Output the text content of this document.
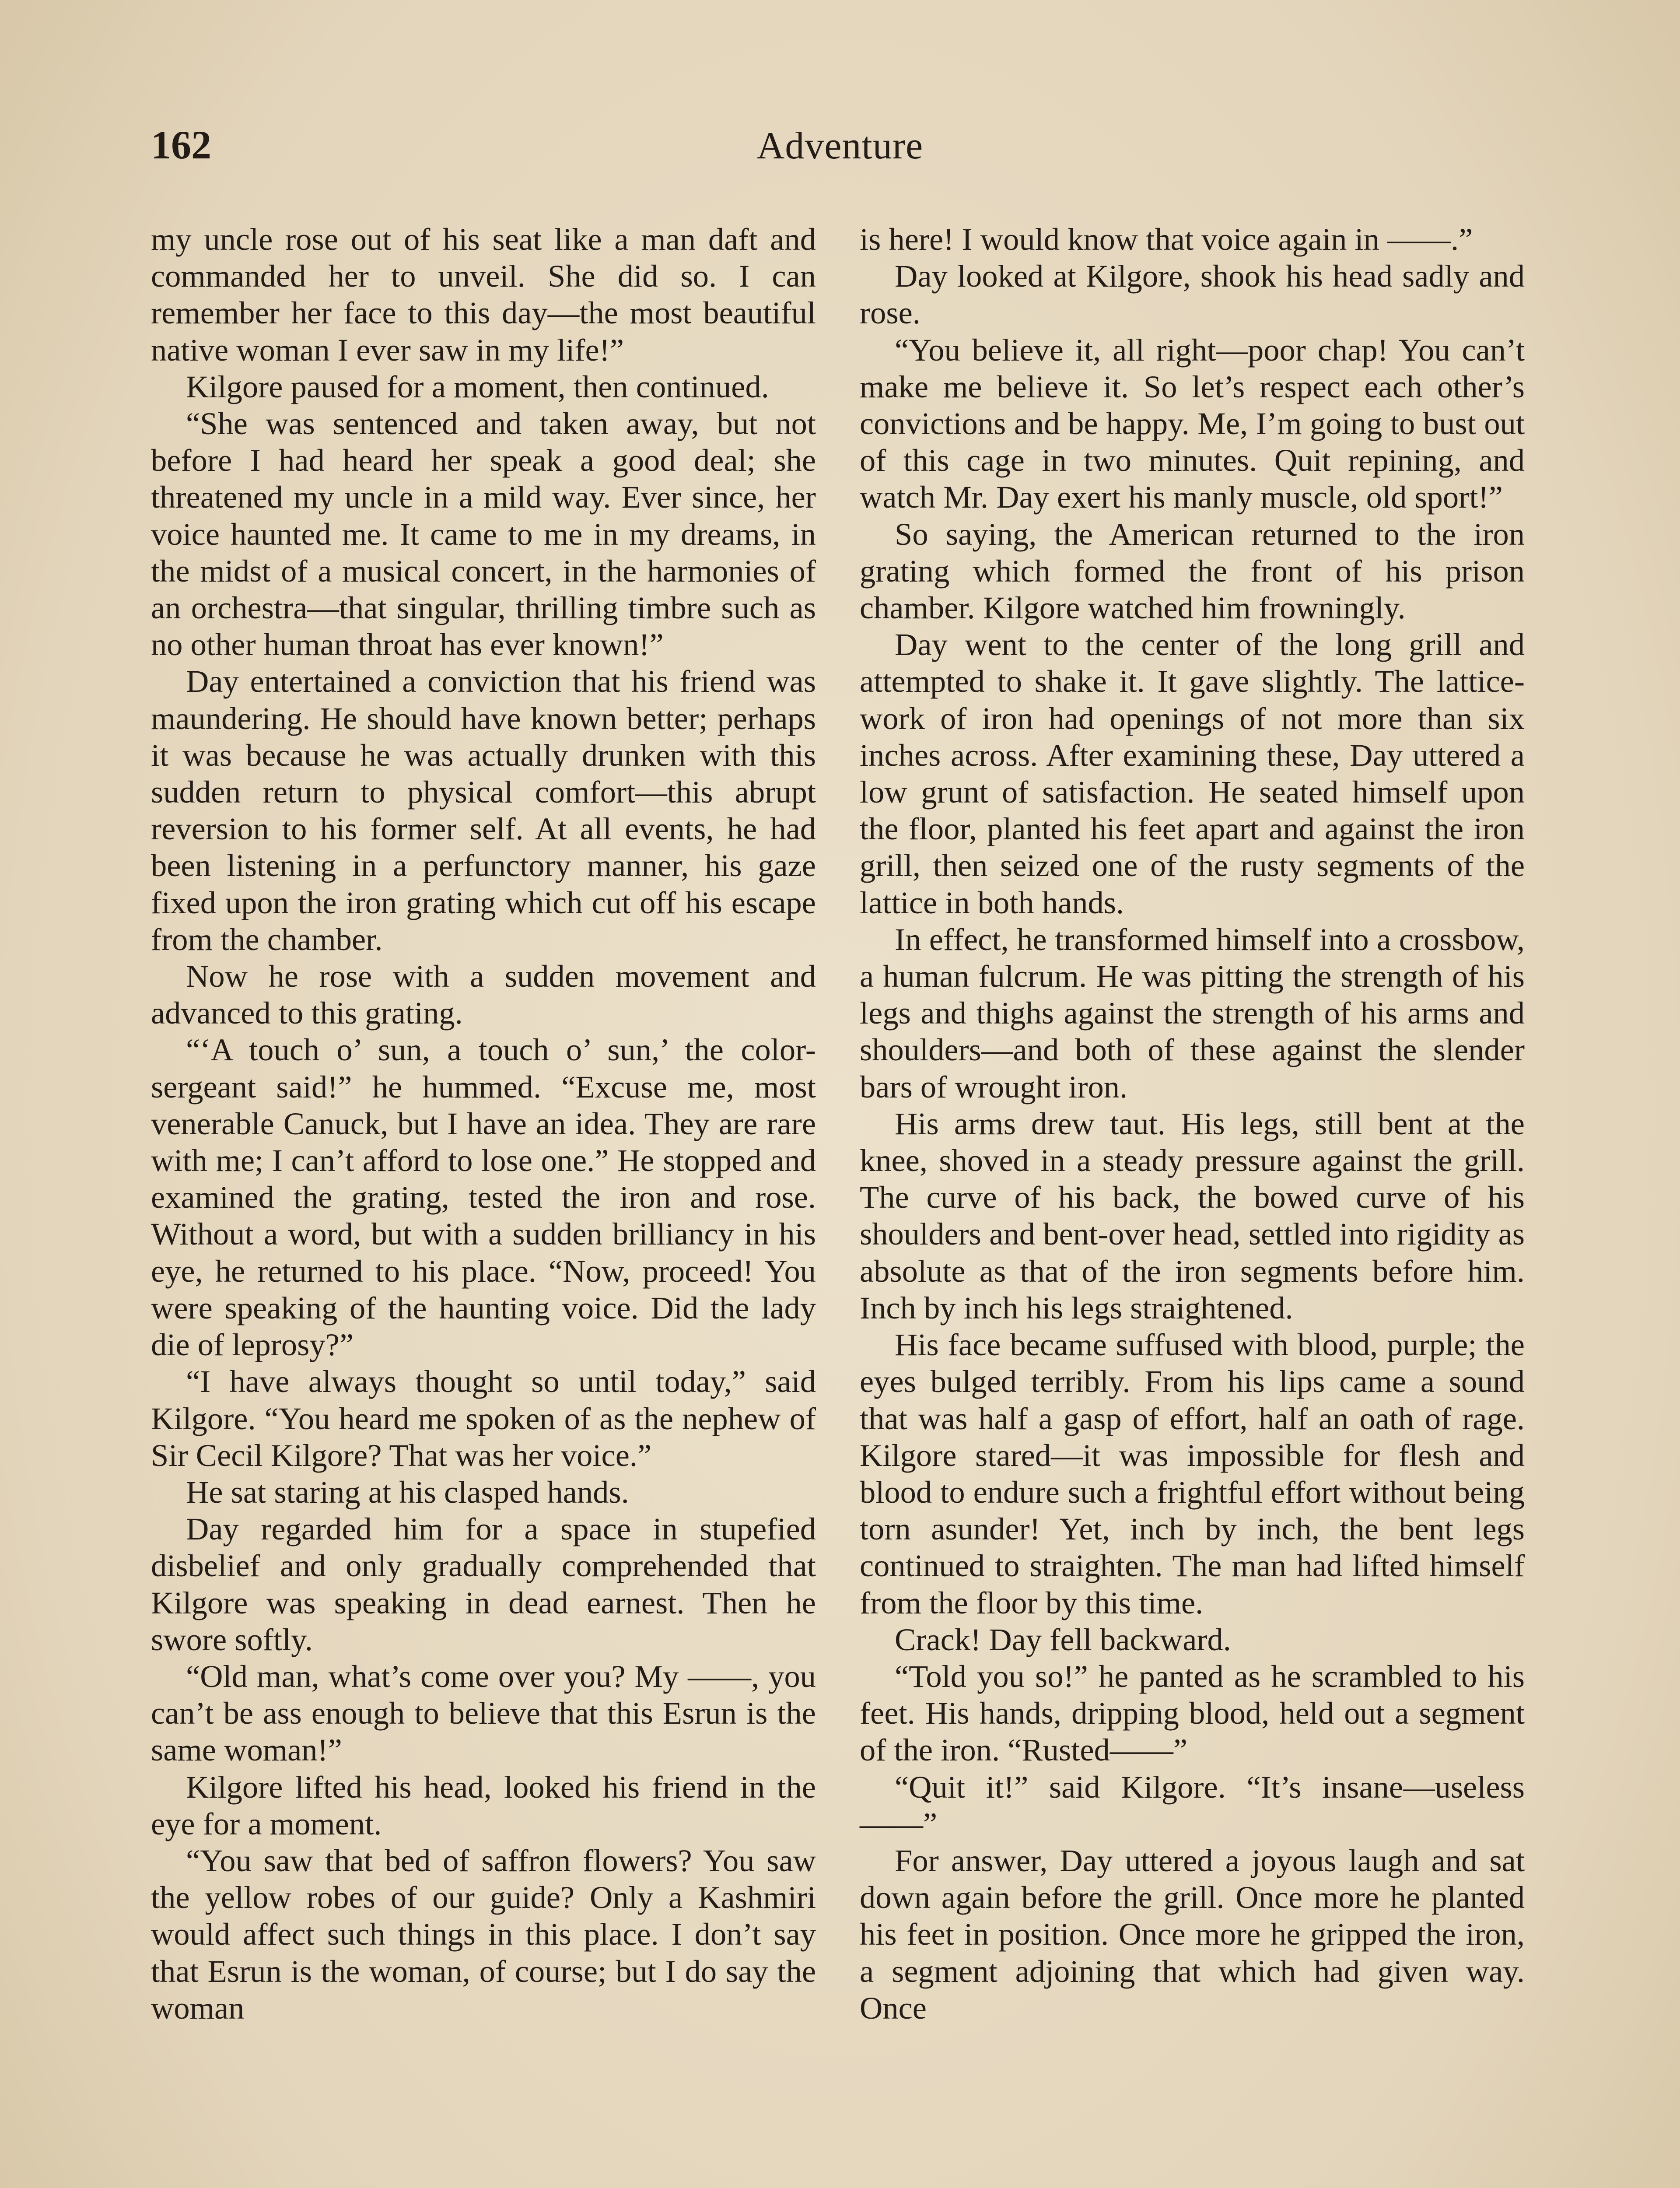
162	Adventure

my uncle rose out of his seat like a man daft and commanded her to unveil. She did so. I can remember her face to this day—the most beautiful native woman I ever saw in my life!”

Kilgore paused for a moment, then continued.

“She was sentenced and taken away, but not before I had heard her speak a good deal; she threatened my uncle in a mild way. Ever since, her voice haunted me. It came to me in my dreams, in the midst of a musical concert, in the harmonies of an orchestra—that singular, thrilling timbre such as no other human throat has ever known!”

Day entertained a conviction that his friend was maundering. He should have known better; perhaps it was because he was actually drunken with this sudden return to physical comfort—this abrupt reversion to his former self. At all events, he had been listening in a perfunctory manner, his gaze fixed upon the iron grating which cut off his escape from the chamber.

Now he rose with a sudden movement and advanced to this grating.

“‘A touch o’ sun, a touch o’ sun,’ the color-sergeant said!” he hummed. “Excuse me, most venerable Canuck, but I have an idea. They are rare with me; I can’t afford to lose one.” He stopped and examined the grating, tested the iron and rose. Without a word, but with a sudden brilliancy in his eye, he returned to his place. “Now, proceed! You were speaking of the haunting voice. Did the lady die of leprosy?”

“I have always thought so until today,” said Kilgore. “You heard me spoken of as the nephew of Sir Cecil Kilgore? That was her voice.”

He sat staring at his clasped hands.

Day regarded him for a space in stupefied disbelief and only gradually comprehended that Kilgore was speaking in dead earnest. Then he swore softly.

“Old man, what’s come over you? My ——, you can’t be ass enough to believe that this Esrun is the same woman!”

Kilgore lifted his head, looked his friend in the eye for a moment.

“You saw that bed of saffron flowers? You saw the yellow robes of our guide? Only a Kashmiri would affect such things in this place. I don’t say that Esrun is the woman, of course; but I do say the woman

is here! I would know that voice again in ——.”

Day looked at Kilgore, shook his head sadly and rose.

“You believe it, all right—poor chap! You can’t make me believe it. So let’s respect each other’s convictions and be happy. Me, I’m going to bust out of this cage in two minutes. Quit repining, and watch Mr. Day exert his manly muscle, old sport!”

So saying, the American returned to the iron grating which formed the front of his prison chamber. Kilgore watched him frowningly.

Day went to the center of the long grill and attempted to shake it. It gave slightly. The lattice-work of iron had openings of not more than six inches across. After examining these, Day uttered a low grunt of satisfaction. He seated himself upon the floor, planted his feet apart and against the iron grill, then seized one of the rusty segments of the lattice in both hands.

In effect, he transformed himself into a crossbow, a human fulcrum. He was pitting the strength of his legs and thighs against the strength of his arms and shoulders—and both of these against the slender bars of wrought iron.

His arms drew taut. His legs, still bent at the knee, shoved in a steady pressure against the grill. The curve of his back, the bowed curve of his shoulders and bent-over head, settled into rigidity as absolute as that of the iron segments before him. Inch by inch his legs straightened.

His face became suffused with blood, purple; the eyes bulged terribly. From his lips came a sound that was half a gasp of effort, half an oath of rage. Kilgore stared—it was impossible for flesh and blood to endure such a frightful effort without being torn asunder! Yet, inch by inch, the bent legs continued to straighten. The man had lifted himself from the floor by this time.

Crack! Day fell backward.

“Told you so!” he panted as he scrambled to his feet. His hands, dripping blood, held out a segment of the iron. “Rusted——”

“Quit it!” said Kilgore. “It’s insane—useless——”

For answer, Day uttered a joyous laugh and sat down again before the grill. Once more he planted his feet in position. Once more he gripped the iron, a segment adjoining that which had given way. Once
